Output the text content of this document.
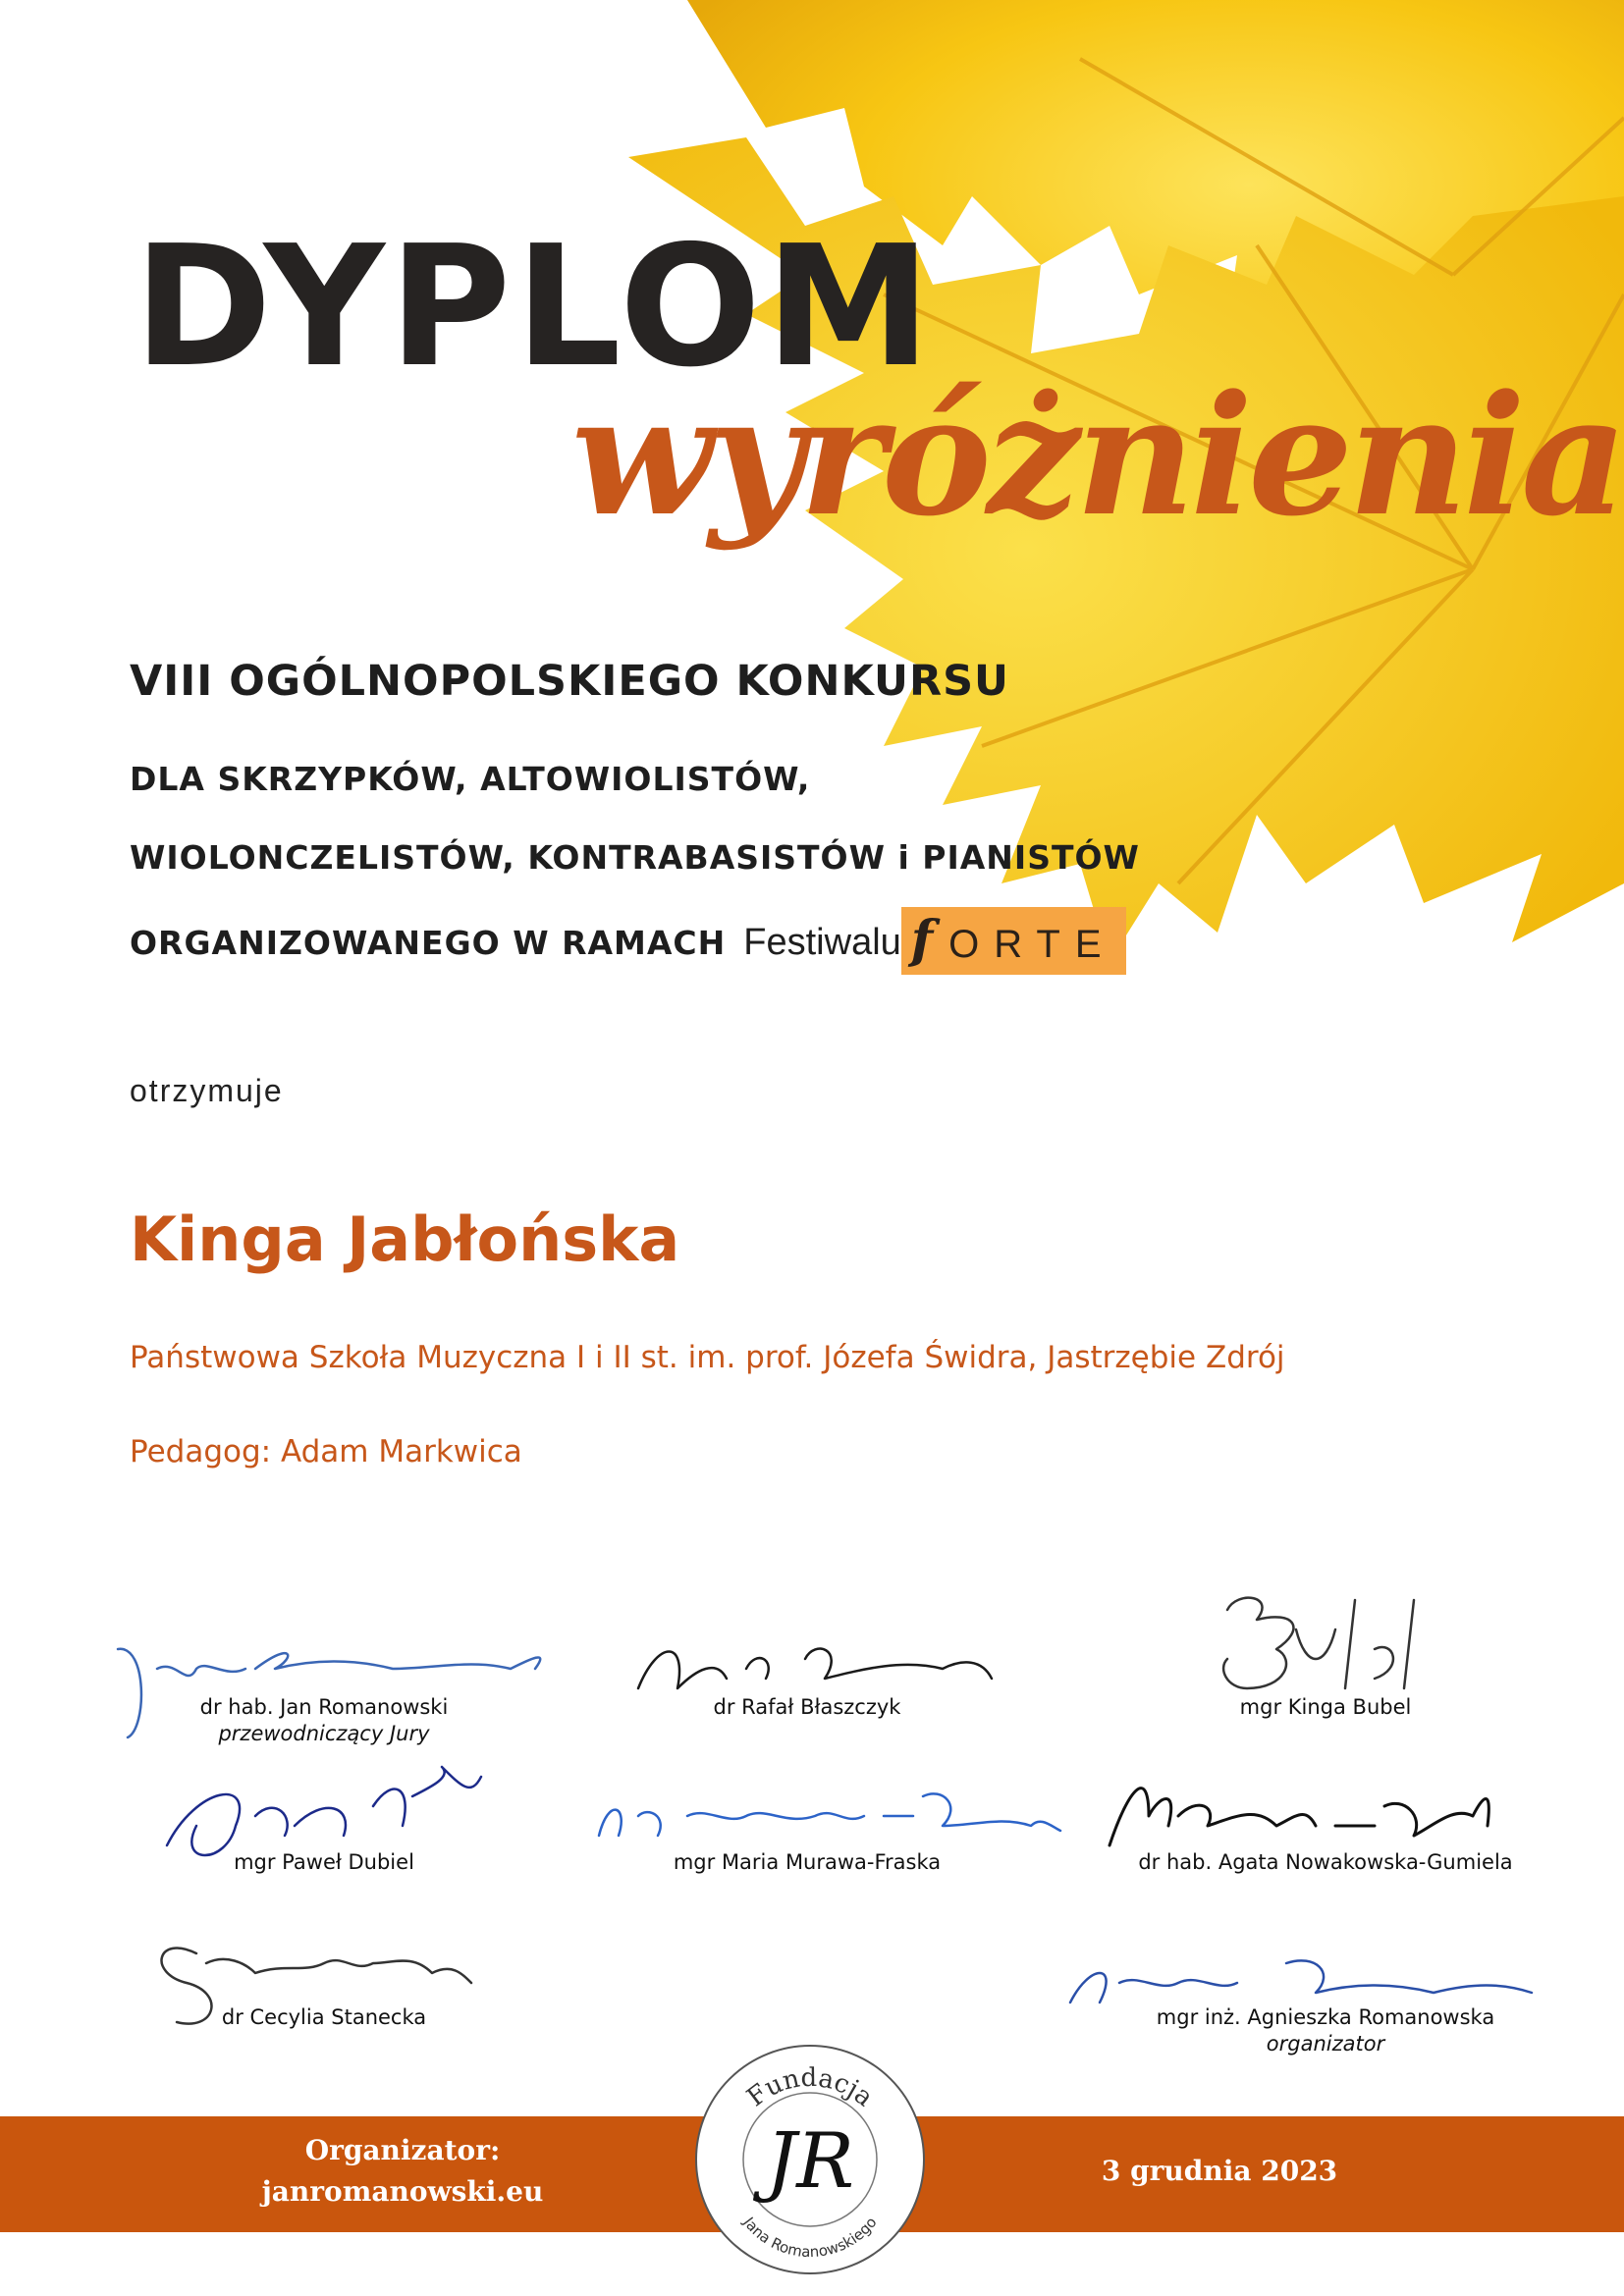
DYPLOM
wyróżnienia
VIII OGÓLNOPOLSKIEGO KONKURSU
DLA SKRZYPKÓW, ALTOWIOLISTÓW,
WIOLONCZELISTÓW, KONTRABASISTÓW i PIANISTÓW
ORGANIZOWANEGO W RAMACH Festiwalu fORTE
otrzymuje
Kinga Jabłońska
Państwowa Szkoła Muzyczna I i II st. im. prof. Józefa Świdra, Jastrzębie Zdrój
Pedagog: Adam Markwica
dr hab. Jan Romanowski
przewodniczący Jury
dr Rafał Błaszczyk	mgr Kinga Bubel
mgr Paweł Dubiel	mgr Maria Murawa-Fraska	dr hab. Agata Nowakowska-Gumiela
dr Cecylia Stanecka	mgr inż. Agnieszka Romanowska
organizator
Organizator:
janromanowski.eu
3 grudnia 2023
Fundacja
Jana Romanowskiego
JR
